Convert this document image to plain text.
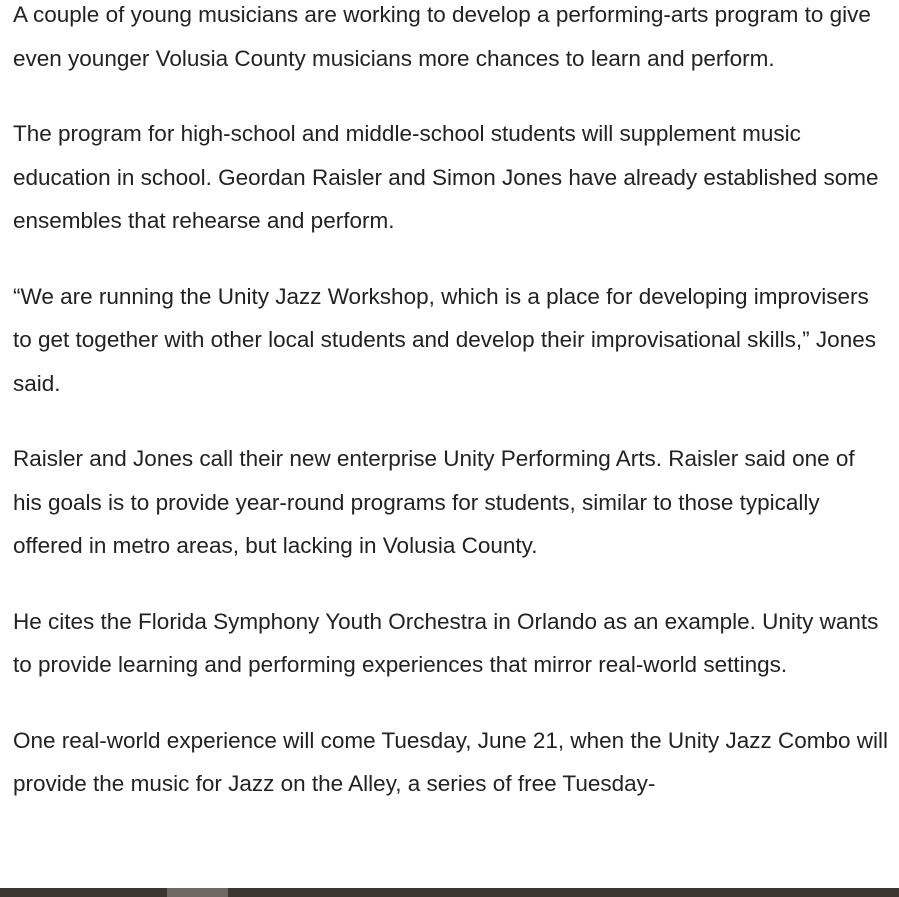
A couple of young musicians are working to develop a performing-arts program to give even younger Volusia County musicians more chances to learn and perform.

The program for high-school and middle-school students will supplement music education in school. Geordan Raisler and Simon Jones have already established some ensembles that rehearse and perform.

“We are running the Unity Jazz Workshop, which is a place for developing improvisers to get together with other local students and develop their improvisational skills,” Jones said.

Raisler and Jones call their new enterprise Unity Performing Arts. Raisler said one of his goals is to provide year-round programs for students, similar to those typically offered in metro areas, but lacking in Volusia County.

He cites the Florida Symphony Youth Orchestra in Orlando as an example. Unity wants to provide learning and performing experiences that mirror real-world settings.

One real-world experience will come Tuesday, June 21, when the Unity Jazz Combo will provide the music for Jazz on the Alley, a series of free Tuesday-
